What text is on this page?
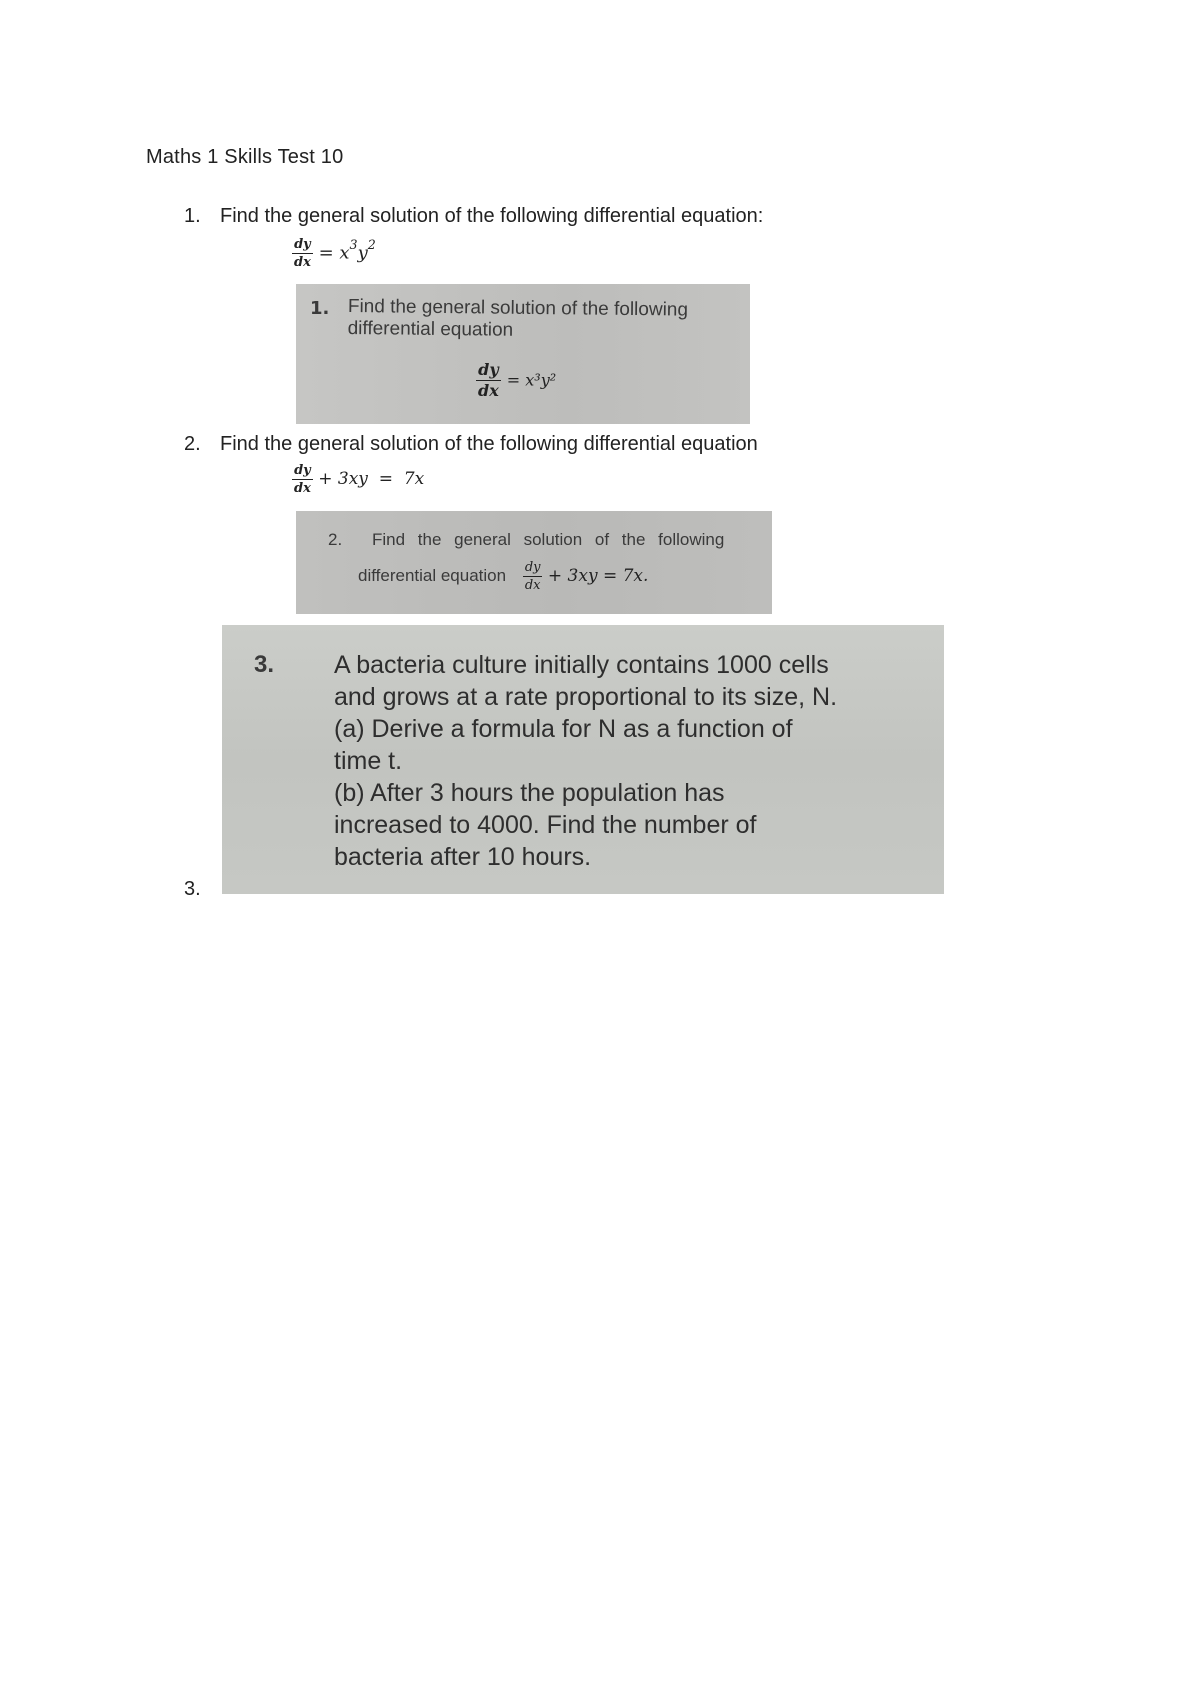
Maths 1 Skills Test 10
1. Find the general solution of the following differential equation:
$\frac{dy}{dx} = x^3y^2$
1. Find the general solution of the following differential equation
$\frac{dy}{dx} = x^3y^2$
2. Find the general solution of the following differential equation
$\frac{dy}{dx} + 3xy = 7x$
2. Find the general solution of the following
differential equation $\frac{dy}{dx} + 3xy = 7x$.
3. A bacteria culture initially contains 1000 cells
and grows at a rate proportional to its size, N.
(a) Derive a formula for N as a function of
time t.
(b) After 3 hours the population has
increased to 4000. Find the number of
bacteria after 10 hours.
3.
